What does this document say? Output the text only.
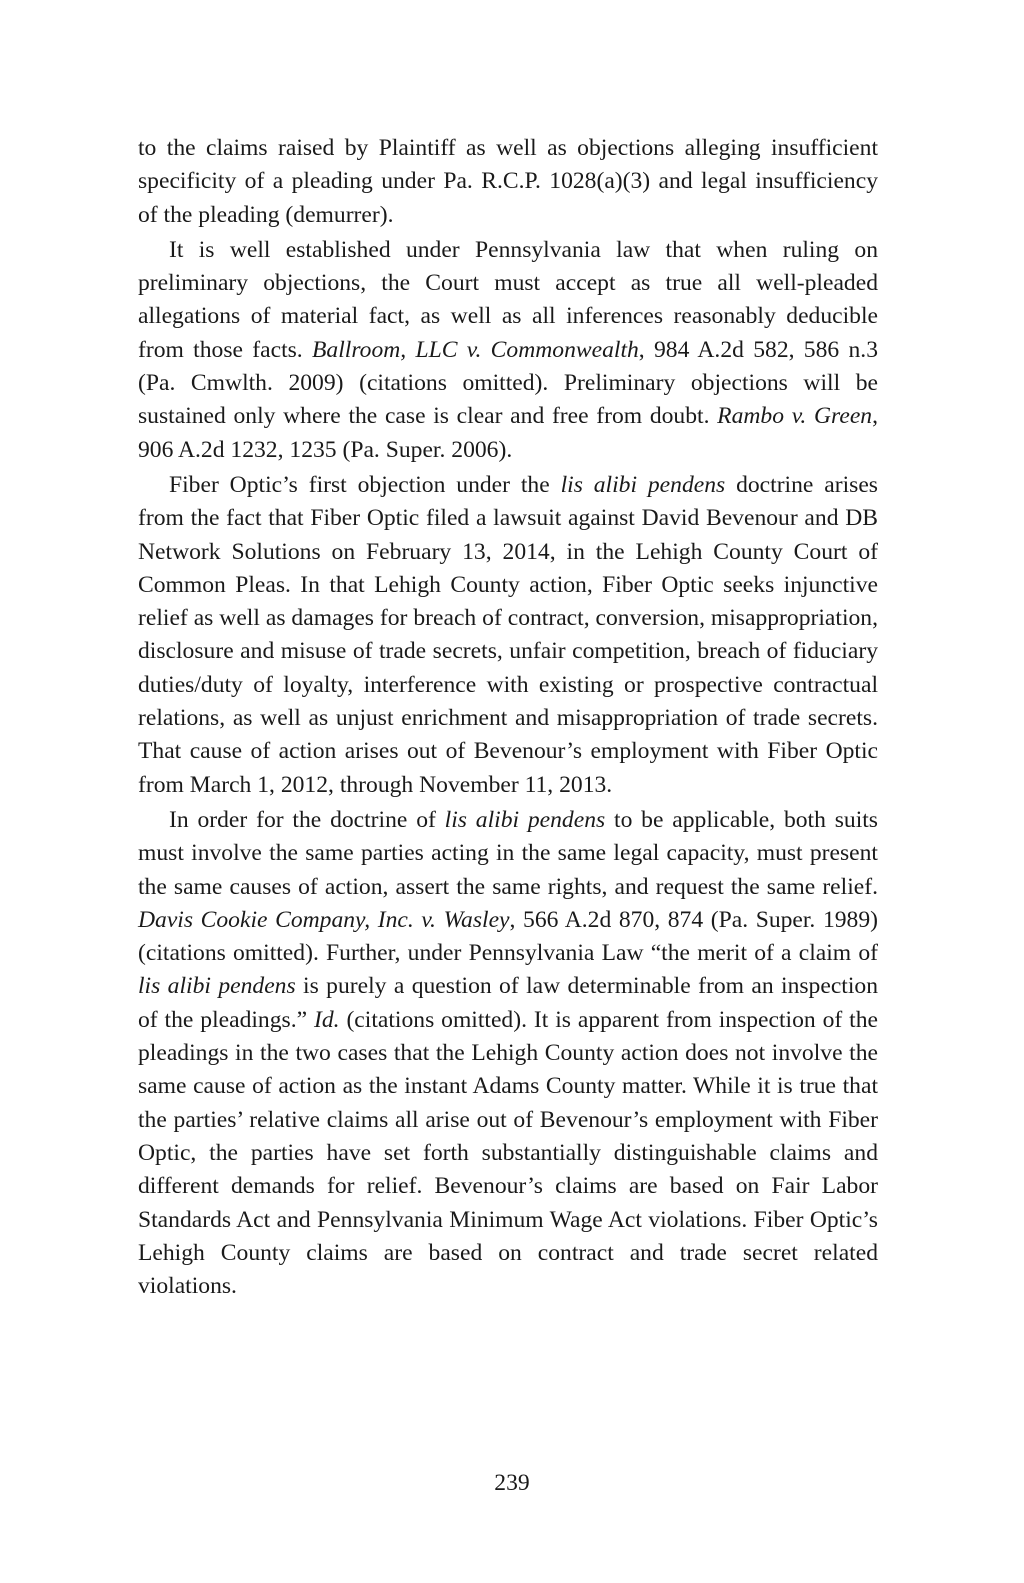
to the claims raised by Plaintiff as well as objections alleging insufficient specificity of a pleading under Pa. R.C.P. 1028(a)(3) and legal insufficiency of the pleading (demurrer).

It is well established under Pennsylvania law that when ruling on preliminary objections, the Court must accept as true all well-pleaded allegations of material fact, as well as all inferences reasonably deducible from those facts. Ballroom, LLC v. Commonwealth, 984 A.2d 582, 586 n.3 (Pa. Cmwlth. 2009) (citations omitted). Preliminary objections will be sustained only where the case is clear and free from doubt. Rambo v. Green, 906 A.2d 1232, 1235 (Pa. Super. 2006).

Fiber Optic’s first objection under the lis alibi pendens doctrine arises from the fact that Fiber Optic filed a lawsuit against David Bevenour and DB Network Solutions on February 13, 2014, in the Lehigh County Court of Common Pleas. In that Lehigh County action, Fiber Optic seeks injunctive relief as well as damages for breach of contract, conversion, misappropriation, disclosure and misuse of trade secrets, unfair competition, breach of fiduciary duties/duty of loyalty, interference with existing or prospective contractual relations, as well as unjust enrichment and misappropriation of trade secrets. That cause of action arises out of Bevenour’s employment with Fiber Optic from March 1, 2012, through November 11, 2013.

In order for the doctrine of lis alibi pendens to be applicable, both suits must involve the same parties acting in the same legal capacity, must present the same causes of action, assert the same rights, and request the same relief. Davis Cookie Company, Inc. v. Wasley, 566 A.2d 870, 874 (Pa. Super. 1989) (citations omitted). Further, under Pennsylvania Law “the merit of a claim of lis alibi pendens is purely a question of law determinable from an inspection of the pleadings.” Id. (citations omitted). It is apparent from inspection of the pleadings in the two cases that the Lehigh County action does not involve the same cause of action as the instant Adams County matter. While it is true that the parties’ relative claims all arise out of Bevenour’s employment with Fiber Optic, the parties have set forth substantially distinguishable claims and different demands for relief. Bevenour’s claims are based on Fair Labor Standards Act and Pennsylvania Minimum Wage Act violations. Fiber Optic’s Lehigh County claims are based on contract and trade secret related violations.

239
